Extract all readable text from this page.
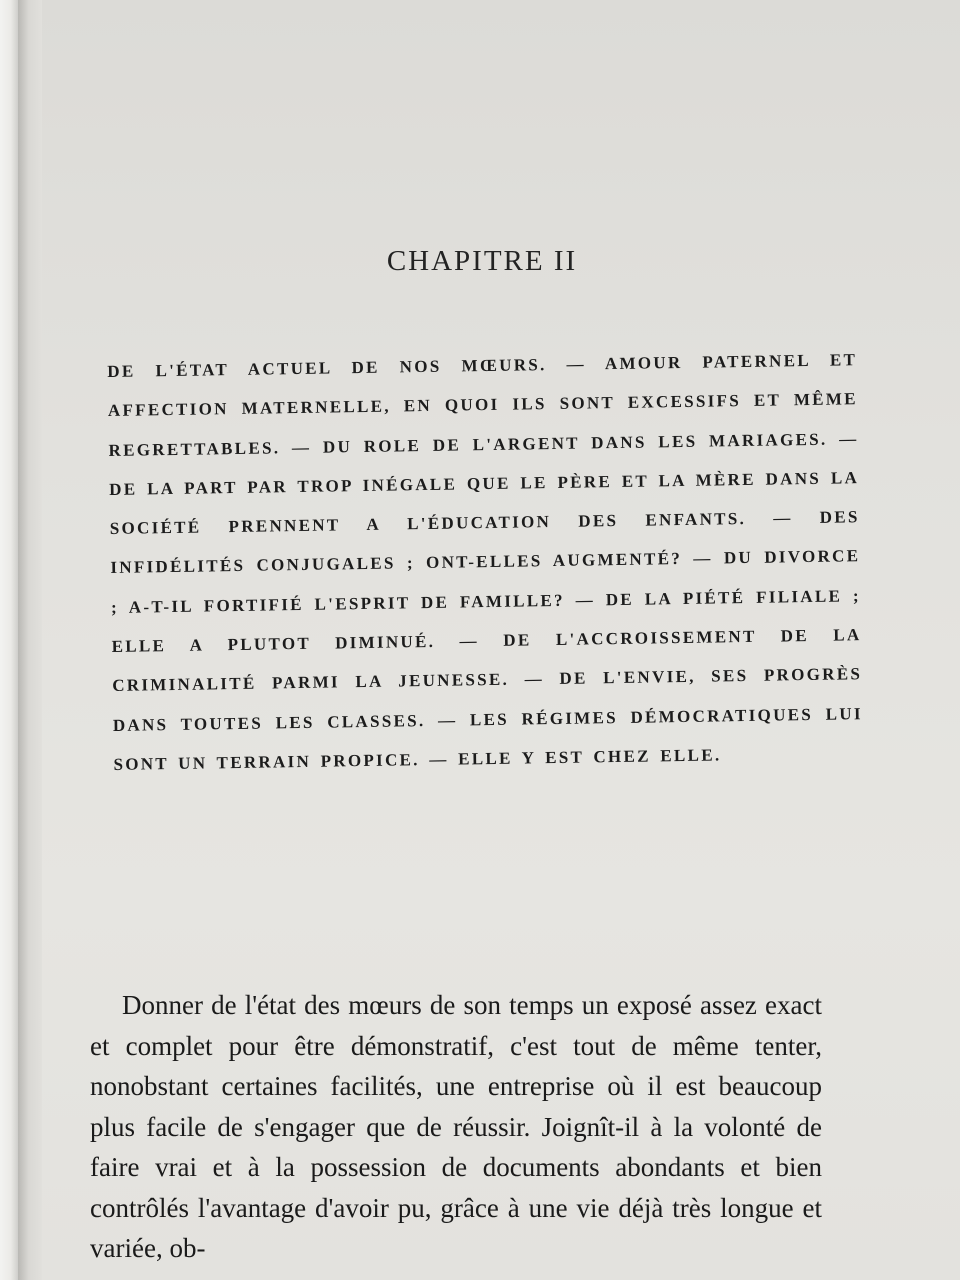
CHAPITRE II

DE L'ÉTAT ACTUEL DE NOS MŒURS. — AMOUR PATERNEL ET AFFECTION MATERNELLE, EN QUOI ILS SONT EXCESSIFS ET MÊME REGRETTABLES. — DU ROLE DE L'ARGENT DANS LES MARIAGES. — DE LA PART PAR TROP INÉGALE QUE LE PÈRE ET LA MÈRE DANS LA SOCIÉTÉ PRENNENT A L'ÉDUCATION DES ENFANTS. — DES INFIDÉLITÉS CONJUGALES ; ONT-ELLES AUGMENTÉ? — DU DIVORCE ; A-T-IL FORTIFIÉ L'ESPRIT DE FAMILLE? — DE LA PIÉTÉ FILIALE ; ELLE A PLUTOT DIMINUÉ. — DE L'ACCROISSEMENT DE LA CRIMINALITÉ PARMI LA JEUNESSE. — DE L'ENVIE, SES PROGRÈS DANS TOUTES LES CLASSES. — LES RÉGIMES DÉMOCRATIQUES LUI SONT UN TERRAIN PROPICE. — ELLE Y EST CHEZ ELLE.

Donner de l'état des mœurs de son temps un exposé assez exact et complet pour être démonstratif, c'est tout de même tenter, nonobstant certaines facilités, une entreprise où il est beaucoup plus facile de s'engager que de réussir. Joignît-il à la volonté de faire vrai et à la possession de documents abondants et bien contrôlés l'avantage d'avoir pu, grâce à une vie déjà très longue et variée, ob-
